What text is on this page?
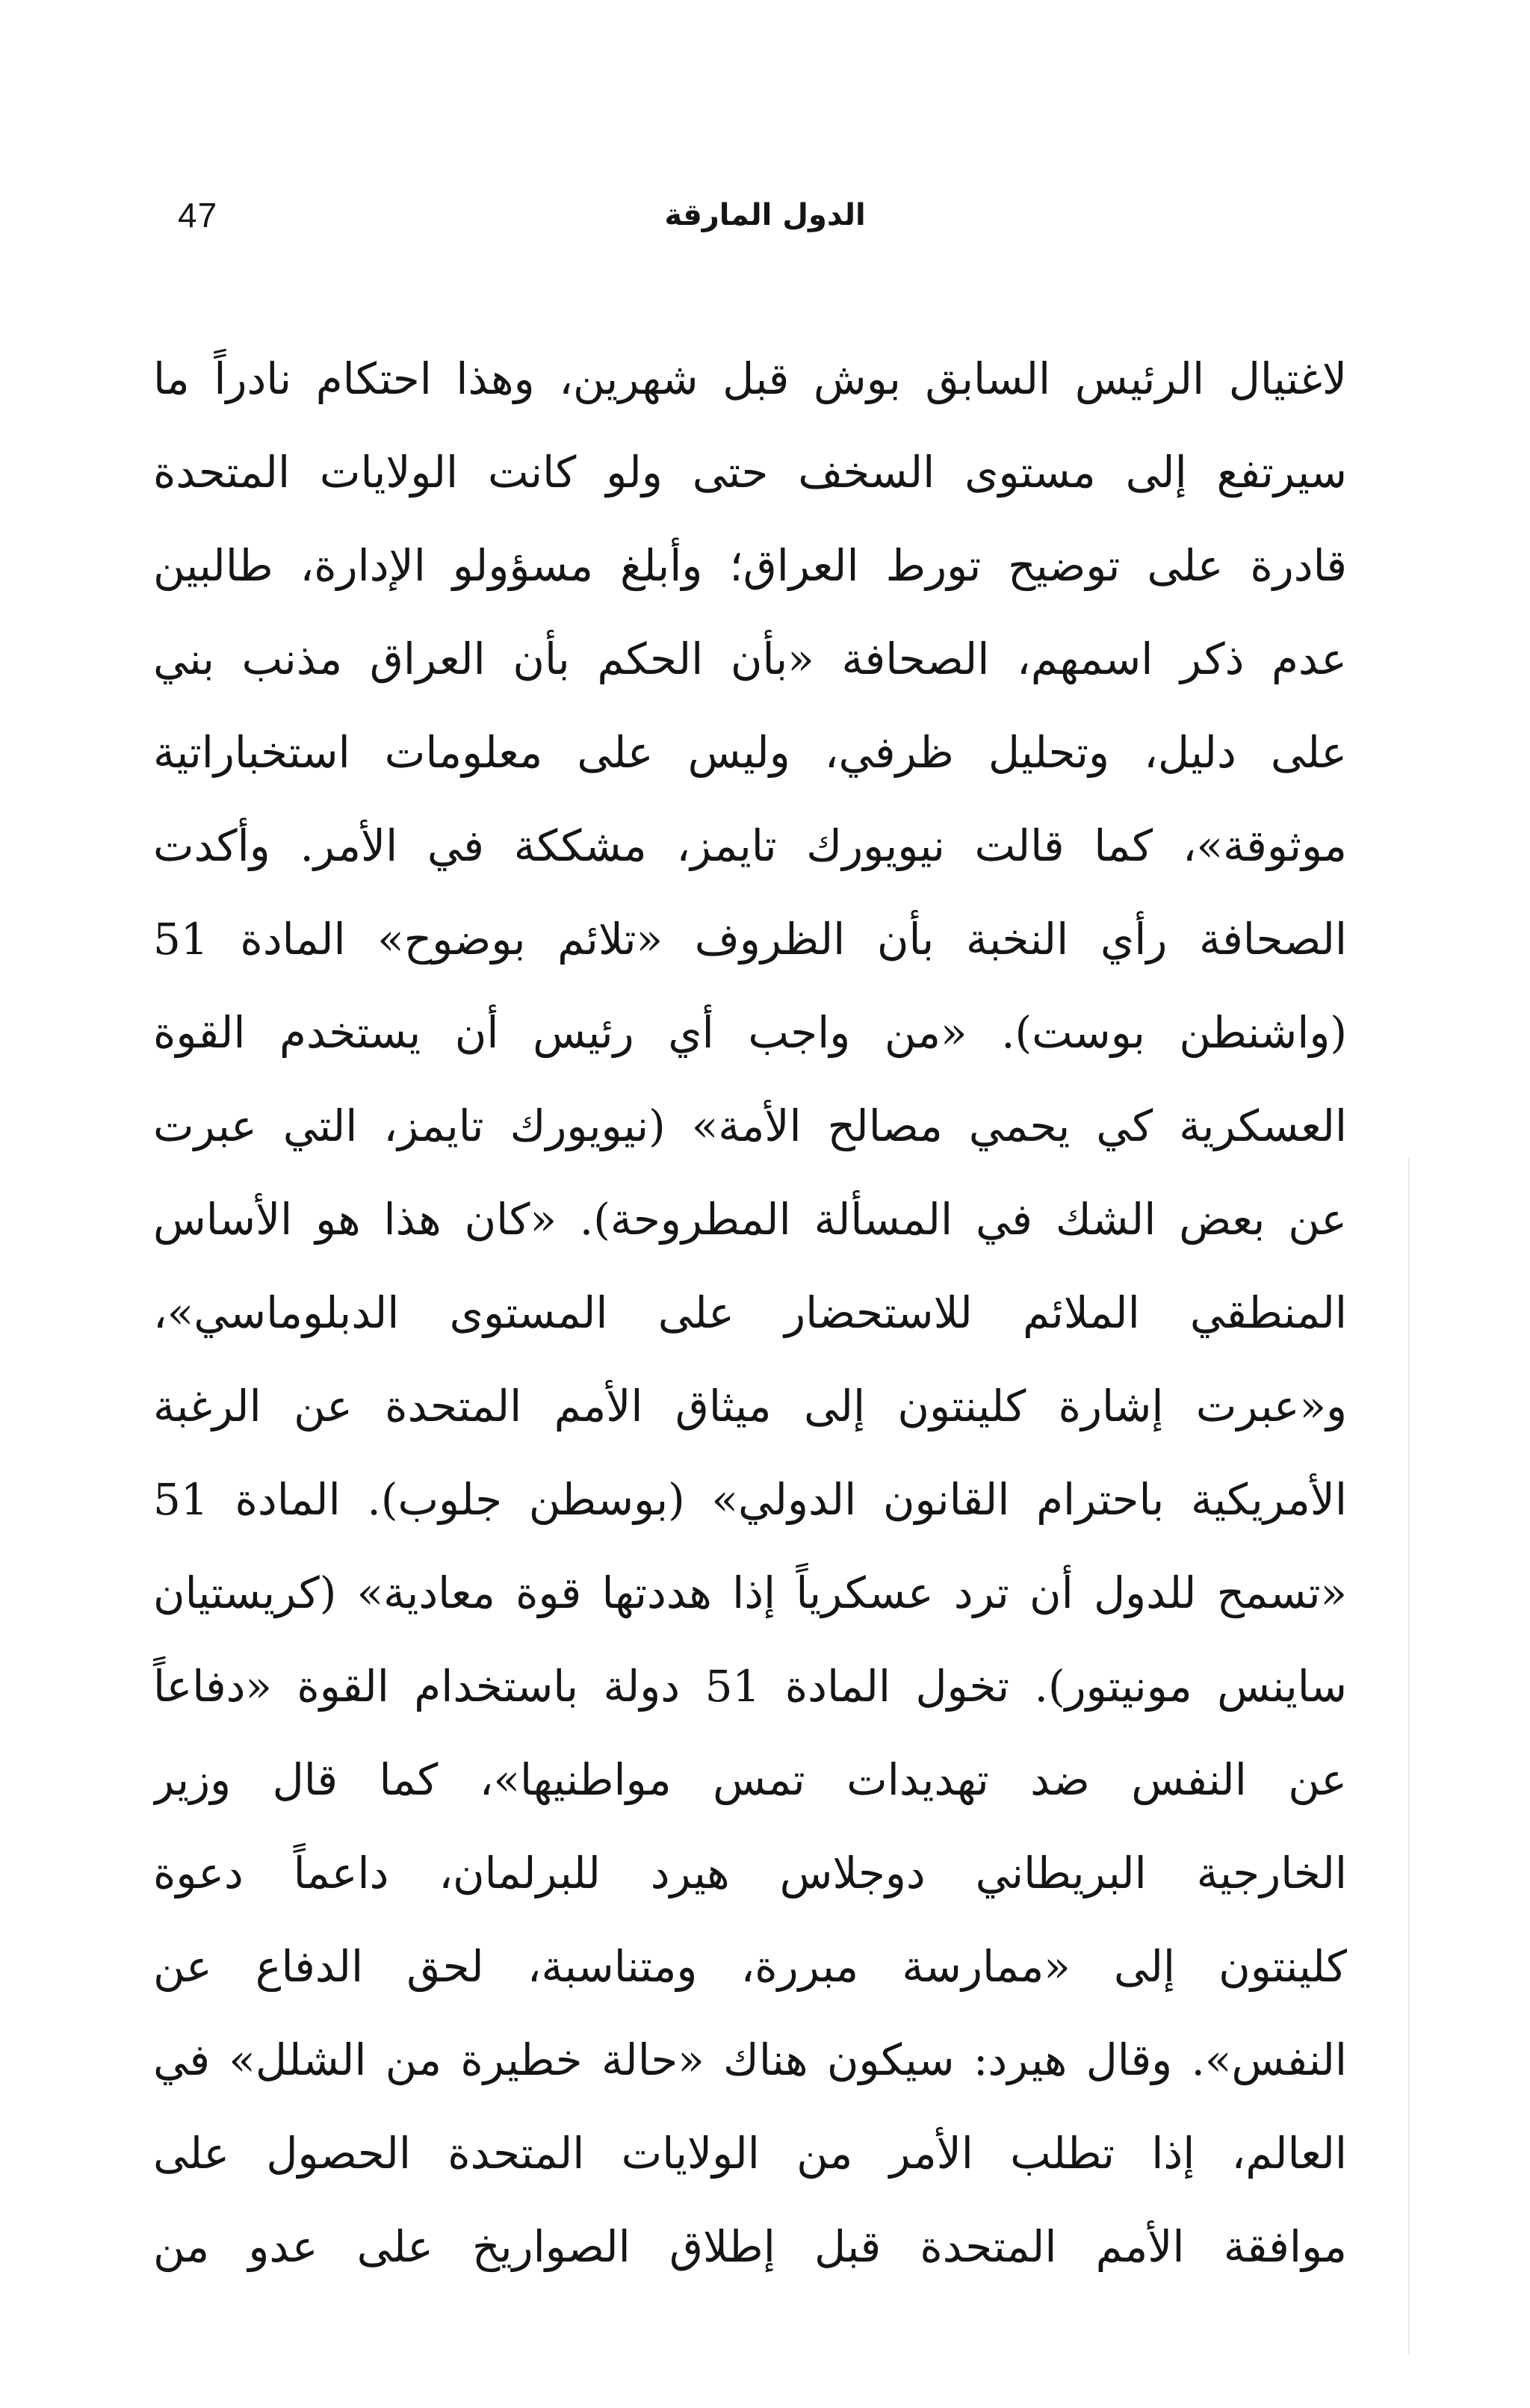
47	الدول المارقة
لاغتيال الرئيس السابق بوش قبل شهرين، وهذا احتكام نادراً ما
سيرتفع إلى مستوى السخف حتى ولو كانت الولايات المتحدة
قادرة على توضيح تورط العراق؛ وأبلغ مسؤولو الإدارة، طالبين
عدم ذكر اسمهم، الصحافة «بأن الحكم بأن العراق مذنب بني
على دليل، وتحليل ظرفي، وليس على معلومات استخباراتية
موثوقة»، كما قالت نيويورك تايمز، مشككة في الأمر. وأكدت
الصحافة رأي النخبة بأن الظروف «تلائم بوضوح» المادة 51
(واشنطن بوست). «من واجب أي رئيس أن يستخدم القوة
العسكرية كي يحمي مصالح الأمة» (نيويورك تايمز، التي عبرت
عن بعض الشك في المسألة المطروحة). «كان هذا هو الأساس
المنطقي الملائم للاستحضار على المستوى الدبلوماسي»،
و«عبرت إشارة كلينتون إلى ميثاق الأمم المتحدة عن الرغبة
الأمريكية باحترام القانون الدولي» (بوسطن جلوب). المادة 51
«تسمح للدول أن ترد عسكرياً إذا هددتها قوة معادية» (كريستيان
ساينس مونيتور). تخول المادة 51 دولة باستخدام القوة «دفاعاً
عن النفس ضد تهديدات تمس مواطنيها»، كما قال وزير
الخارجية البريطاني دوجلاس هيرد للبرلمان، داعماً دعوة
كلينتون إلى «ممارسة مبررة، ومتناسبة، لحق الدفاع عن
النفس». وقال هيرد: سيكون هناك «حالة خطيرة من الشلل» في
العالم، إذا تطلب الأمر من الولايات المتحدة الحصول على
موافقة الأمم المتحدة قبل إطلاق الصواريخ على عدو من
